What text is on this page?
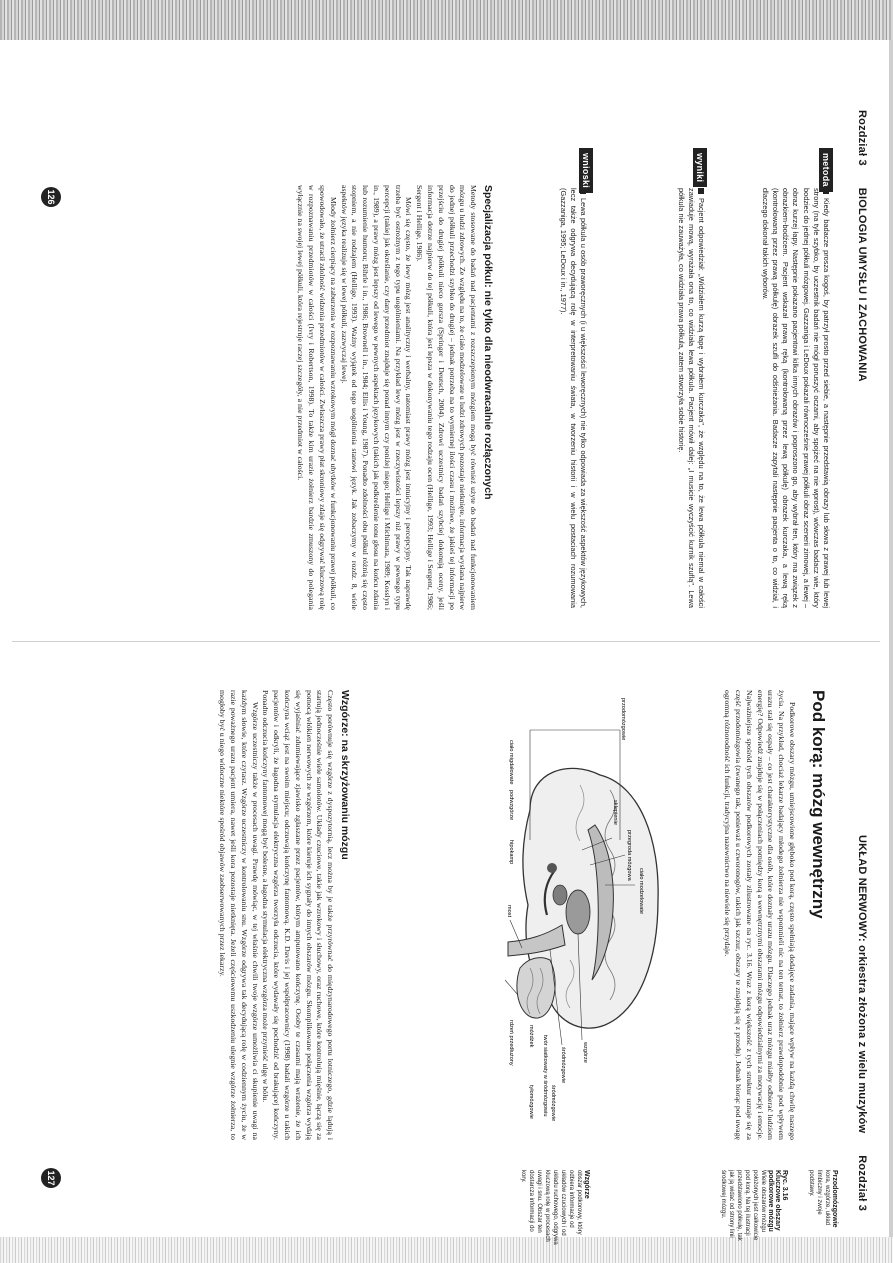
Rozdział 3BIOLOGIA UMYSŁU I ZACHOWANIA
metoda
wyniki
wnioski
Kiedy badacze prosza kogoś, by patrzył prosto przed siebie, a następnie przedstawią obrazy lub słowa z prawej lub lewej strony (na tyle szybko, by uczestnik badań nie mógł poruszyć oczami, aby spojżeć na nie wprost), wówczas badacz wie, który bodziec do jednej półkuli mózgowej. Gazzaniga i LeDoux pokazali równocześnie prawej półkuli obraz scenerii zimowej, a lewej – obraz kurzej łapy. Następnie pokazano pacjentowi kilka innych obrazów i poproszono go, aby wybrał ten, który ma związek z obrazkiem-bodźcem. Pacjent wskazał prawą ręką (kontrolowaną przez lewą półkulę) obrazek kurczaka, a lewą ręką (kontrolowaną przez prawą półkulę) obrazek szufli do odśnieżania. Badacze zapytali następnie pacjenta o to, co widział, i dlaczego dokonał takich wyborów.
Pacjent odpowiedział: „Widziałem kurzą łapę i wybrałem kurczaka", że względu na to, że lewa półkula niemal w całości zawiaduje mową, wyrażała ona to, co widziała lewa półkula. Pacjent mówił dalej: „I musicie wyczyścić kurnik szuflą". Lewa półkula nie zauważyła, co widziała prawa półkula, zatem stworzyła sobie historię.
Lewa półkula u osób praworęcznych (i u większości leworęcznych) nie tylko odpowiada za większość aspektów językowych, lecz także odgrywa decydującą rolę w interpretowaniu świata, w tworzeniu historii i w wielu postaciach rozumowania (Gazzaniga, 1995; LeDoux i in., 1977).
Specjalizacja półkul: nie tylko dla nieodwracalnie rozłączonych

Metody stosowane do badań nad pacjentami z rozszczepionym mózgiem mogą być również użyte do badań nad funkcjonowaniem mózgu u ludzi zdrowych. Ze względu na to, że ciało modzelowate u ludzi zdrowych pozostaje nietknięte, informacja wysłana najpierw do jednej półkuli przechodzi szybko do drugiej – jednak potrzeba na to wymiernej ilości czasu i możliwe, że jakieś tej informacji po przejściu do drugiej półkuli nieco gorsza (Springer i Deutsch, 2004). Zdrowi uczestnicy badań szybciej dokonują oceny, jeśli informacja dotrze najpierw do tej półkuli, która jest lepsza w dokonywaniu tego rodzaju ocen (Hellige, 1993; Hellige i Sergent, 1986; Sergent i Hellige, 1986).

Mówi się często, że lewy mózg jest analityczny i werbalny, natomiast prawy mózg jest intuicyjny i percepcyjny. Tak naprawdę trzeba być ostrożnym z tego typu uogólnieniami. Na przykład lewy mózg jest w rzeczywistości lepszy niż prawy w pewnego typu percepcji (takiej jak określanie, czy dany przedmiot znajduje się ponad innym czy poniżej niego; Hellige i Michimata, 1989; Kosslyn i in., 1989), a prawy mózg jest lepszy od lewego w pewnych aspektach językowych (takich jak podkreślenie tonu głosu na końcu zdania lub rozumienie humoru; Bihrle i in., 1986; Brownell i in., 1984; Ellis i Young, 1987). Ponadto zdolności obu półkul różnią się często stopniem, a nie rodzajem (Hellige, 1993). Ważny wyjątek od tego uogólnienia stanowi język. Jak zobaczymy w rozdz. 8, wiele aspektów języka realizuje się w lewej półkuli, zazwyczaj lewej.

Młody żołnierz cierpiący na zaburzenia w rozpoznawaniu wzrokowym mógł doznać ubytków w funkcjonowaniu prawej półkuli, co spowodowało, że utracił zdolność widzenia przedmiotów w całości. Zwłaszcza prawy płat skroniowy zdaje się odgrywać kluczową rolę w rozpoznawaniu przedmiotów w całości (Ivry i Robertson, 1998). To także kim urazie żołnierz bardzie zmuszony do polegania wyłącznie na swojej lewej półkuli, która rejestruje raczej szczegóły, a nie przedmiot w całości.

126
UKŁAD NERWOWY: orkiestra złożona z wielu muzykówRozdział 3
Pod korą: mózg wewnętrzny

Podkorowe obszary mózgu, umiejscowione głęboko pod korą, często spełniają dodajęce zadania, mające wpływ na każdą chwilę naszego życia. Na przykład, chociaż lekarze badający młodego żołnierza nie wspomnieli nic na ten temat, to żołnierz prawdopodobnie pod wpływem urazu stał się ospały – co jest charakterystyczne dla osób, które doznały urazu mózgu. Dlaczego jednak uraz mózgu miałby odbierać ludziom energię? Odpowiedź znajduje się w połączeniach pomiędzy korą a wewnętrznymi obszarami mózgu odpowiedzialnymi za motywację i emocje. Najważniejsze spośród tych obszarów podkorowych zostały zilustrowane na ryc. 3.16. Wraz z korą większość z tych struktur uznaje się za część przodomózgowia (zwanego tak, ponieważ u czworonogów, takich jak szczur, obszary te znajdują się z przodu). Jednak biorąc pod uwagę ogromną różnorodność ich funkcji, tradycyjna nazewnictwo na niewiele się przydaje.

przodomózgowie
ciało modzelowate
przegroda mózgowa
sklepienie
wzgórze
podwzgórze
hipokamp
ciało migdałowate
śródmózgowie
most
rdzeń przedłużony	móżdżek twór siatkowaty w śródmózgowiu
tyłomózgowie	śródmózgowie
Wzgórze: na skrzyżowaniu mózgu

Często porównuje się wzgórze z dyspozytornią, lecz można by je także przyrównać do międzynarodowego portu lotniczego, gdzie lądują i startują jednocześnie wiele samolotów. Układy czuciowe, takie jak wzrokowy i słuchowy, oraz ruchowe, które kontrolują mięśnie, łączą się za pomocą włókien nerwowych ze wzgórzem, które kieruje ich sygnały do innych obszarów mózgu. Skomplikowane połączenia wzgórza wydają się wyjaśniać zdumiewające zjawisko zgłaszane przez pacjentów, którym amputowano kończynę. Osoby te czasami mają wrażenie, że ich kończyna wciąż jest na swoim miejscu; odczuwają kończynę fantomową. K.D. Davis i jej współpracownicy (1998) badali wzgórze u takich pacjentów i odkryli, że łagodna stymulacja elektryczna wzgórza tworzyła odczucia, które wydawały się pochodzić od brakującej kończyny. Ponadto odczucia kończyny fantomowej mogą być bolesne, a łagodna stymulacja elektryczna wzgórza może przynieść ulgę w bólu.

Wzgórze uczestniczy także w procesach uwagi. Prawdę mówiąc, w tej właśnie chwili twoje wzgórze umożliwia ci skupienie uwagi na każdym słowie, które czytasz. Wzgórze uczestniczy w kontrolowaniu snu. Wzgórze odgrywa tak decydującą rolę w codziennym życiu, że w razie poważnego urazu pacjent umiera, nawet jeśli kora pozostaje nietknięta. Jeżeli częściowemu uszkodzeniu ulegnie wzgórze żołnierza, to mogłoby być u niego widoczne niektóre spośród objawów zaobserwowanych przez lekarzy.

Przodomózgowie
kora, wzgórze, układ limbiczny i zwoje podstawy.
Ryc. 3.16
Kluczowe obszary podkorowe mózgu
Wiele obszarów mózgu położonych jest całkowicie pod korą. Na tej ilustracji przedstawiono półkulę, tak jak ją widać od strony linii środkowej mózgu.
Wzgórze
obszar podkorowy, który odbiera informacje od układów czuciowych i od układu ruchowego, odgrywa kluczową rolę w procesach uwagi i snu. Obszar ten dostarcza informacji do kory.
127
